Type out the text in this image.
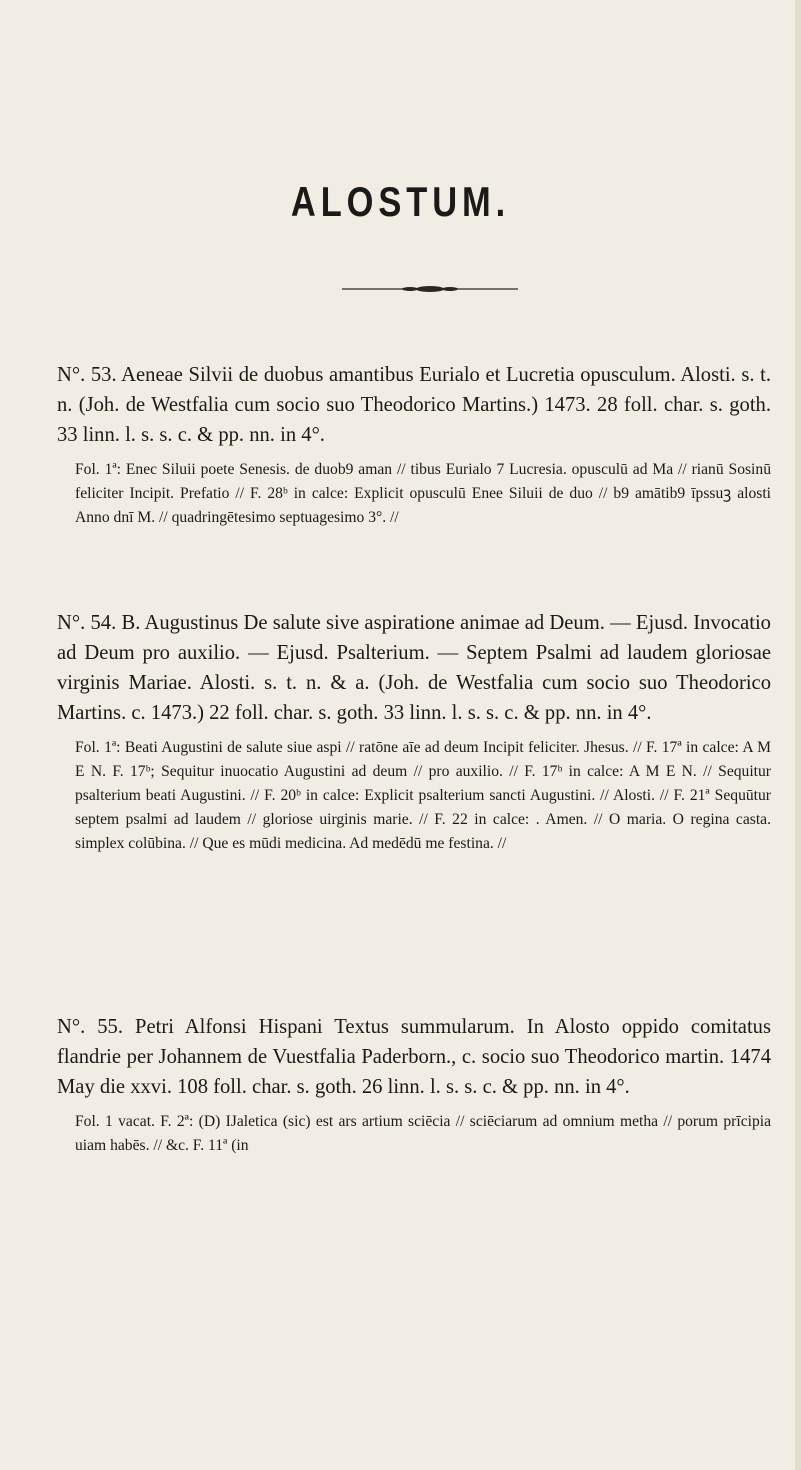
ALOSTUM.

N°. 53. Aeneae Silvii de duobus amantibus Eurialo et Lucretia opusculum. Alosti. s. t. n. (Joh. de Westfalia cum socio suo Theodorico Martins.) 1473. 28 foll. char. s. goth. 33 linn. l. s. s. c. & pp. nn. in 4°.

Fol. 1ª: Enec Siluii poete Senesis. de duob9 aman // tibus Eurialo 7 Lucresia. opusculū ad Ma // rianū Sosinū feliciter Incipit. Prefatio // F. 28ᵇ in calce: Explicit opusculū Enee Siluii de duo // b9 amātib9 īpssuꝫ alosti Anno dnī M. // quadringētesimo septuagesimo 3°. //

N°. 54. B. Augustinus De salute sive aspiratione animae ad Deum. — Ejusd. Invocatio ad Deum pro auxilio. — Ejusd. Psalterium. — Septem Psalmi ad laudem gloriosae virginis Mariae. Alosti. s. t. n. & a. (Joh. de Westfalia cum socio suo Theodorico Martins. c. 1473.) 22 foll. char. s. goth. 33 linn. l. s. s. c. & pp. nn. in 4°.

Fol. 1ª: Beati Augustini de salute siue aspi // ratōne aīe ad deum Incipit feliciter. Jhesus. // F. 17ª in calce: A M E N. F. 17ᵇ; Sequitur inuocatio Augustini ad deum // pro auxilio. // F. 17ᵇ in calce: A M E N. // Sequitur psalterium beati Augustini. // F. 20ᵇ in calce: Explicit psalterium sancti Augustini. // Alosti. // F. 21ª Sequūtur septem psalmi ad laudem // gloriose uirginis marie. // F. 22 in calce: . Amen. // O maria. O regina casta. simplex colūbina. // Que es mūdi medicina. Ad medēdū me festina. //

N°. 55. Petri Alfonsi Hispani Textus summularum. In Alosto oppido comitatus flandrie per Johannem de Vuestfalia Paderborn., c. socio suo Theodorico martin. 1474 May die xxvi. 108 foll. char. s. goth. 26 linn. l. s. s. c. & pp. nn. in 4°.

Fol. 1 vacat. F. 2ª: (D) IJaletica (sic) est ars artium sciēcia // sciēciarum ad omnium metha // porum prīcipia uiam habēs. // &c. F. 11ª (in
